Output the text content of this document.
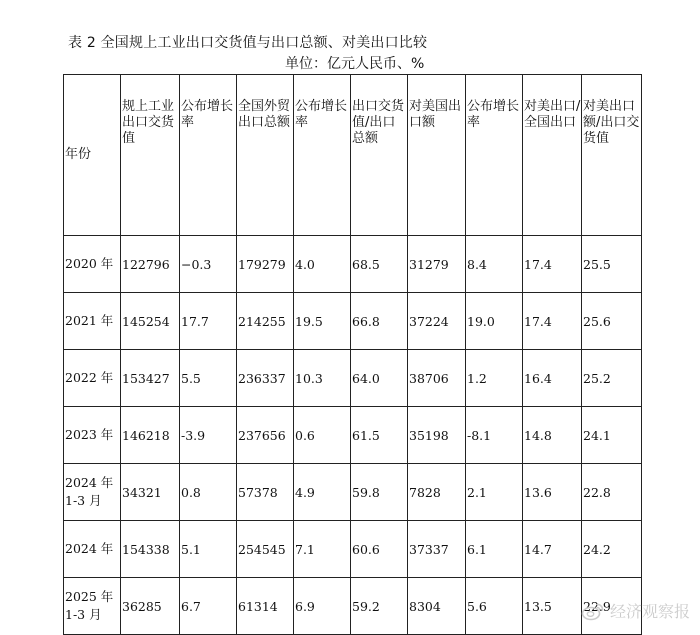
表 2 全国规上工业出口交货值与出口总额、对美出口比较
单位：亿元人民币、%
年份	规上工业出口交货值	公布增长率	全国外贸出口总额	公布增长率	出口交货值/出口总额	对美国出口额	公布增长率	对美出口/全国出口	对美出口额/出口交货值
2020 年	122796	−0.3	179279	4.0	68.5	31279	8.4	17.4	25.5
2021 年	145254	17.7	214255	19.5	66.8	37224	19.0	17.4	25.6
2022 年	153427	5.5	236337	10.3	64.0	38706	1.2	16.4	25.2
2023 年	146218	-3.9	237656	0.6	61.5	35198	-8.1	14.8	24.1
2024 年 1-3 月	34321	0.8	57378	4.9	59.8	7828	2.1	13.6	22.8
2024 年	154338	5.1	254545	7.1	60.6	37337	6.1	14.7	24.2
2025 年 1-3 月	36285	6.7	61314	6.9	59.2	8304	5.6	13.5	22.9 经济观察报
